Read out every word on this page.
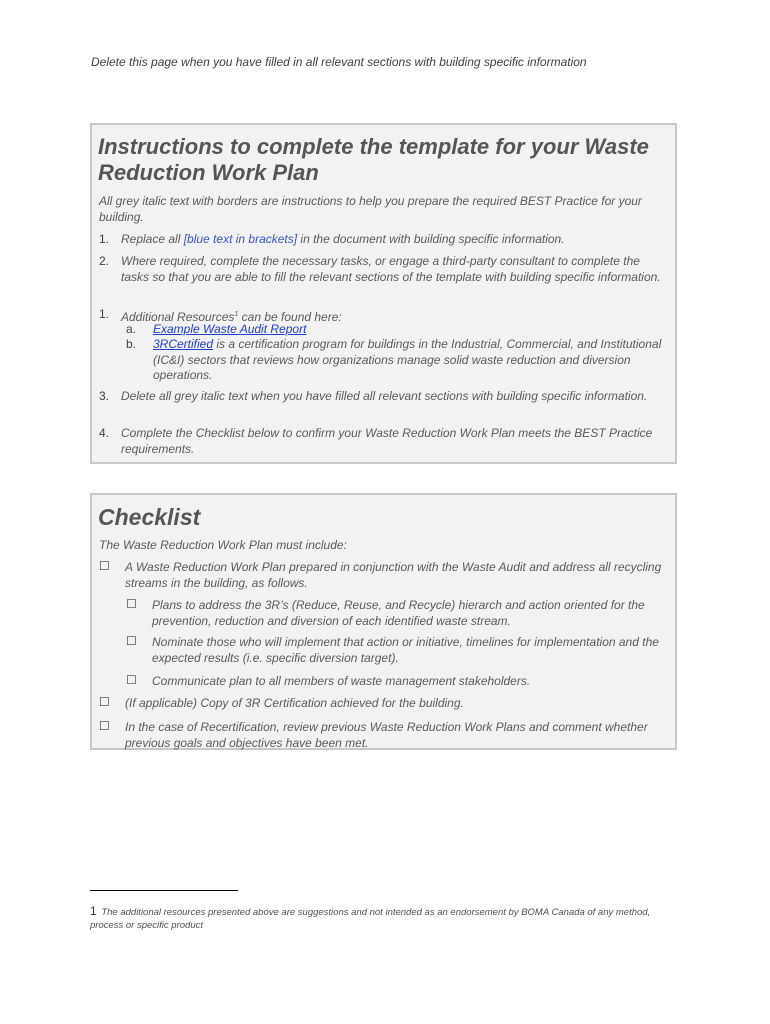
Delete this page when you have filled in all relevant sections with building specific information
Instructions to complete the template for your Waste Reduction Work Plan
All grey italic text with borders are instructions to help you prepare the required BEST Practice for your building.
1. Replace all [blue text in brackets] in the document with building specific information.
2. Where required, complete the necessary tasks, or engage a third-party consultant to complete the tasks so that you are able to fill the relevant sections of the template with building specific information.
1. Additional Resources$^1$ can be found here:
a. Example Waste Audit Report
b. 3RCertified is a certification program for buildings in the Industrial, Commercial, and Institutional (IC&I) sectors that reviews how organizations manage solid waste reduction and diversion operations.
3. Delete all grey italic text when you have filled all relevant sections with building specific information.
4. Complete the Checklist below to confirm your Waste Reduction Work Plan meets the BEST Practice requirements.
Checklist
The Waste Reduction Work Plan must include:
☐ A Waste Reduction Work Plan prepared in conjunction with the Waste Audit and address all recycling streams in the building, as follows.
☐ Plans to address the 3R’s (Reduce, Reuse, and Recycle) hierarch and action oriented for the prevention, reduction and diversion of each identified waste stream.
☐ Nominate those who will implement that action or initiative, timelines for implementation and the expected results (i.e. specific diversion target).
☐ Communicate plan to all members of waste management stakeholders.
☐ (If applicable) Copy of 3R Certification achieved for the building.
☐ In the case of Recertification, review previous Waste Reduction Work Plans and comment whether previous goals and objectives have been met.
1 The additional resources presented above are suggestions and not intended as an endorsement by BOMA Canada of any method, process or specific product
